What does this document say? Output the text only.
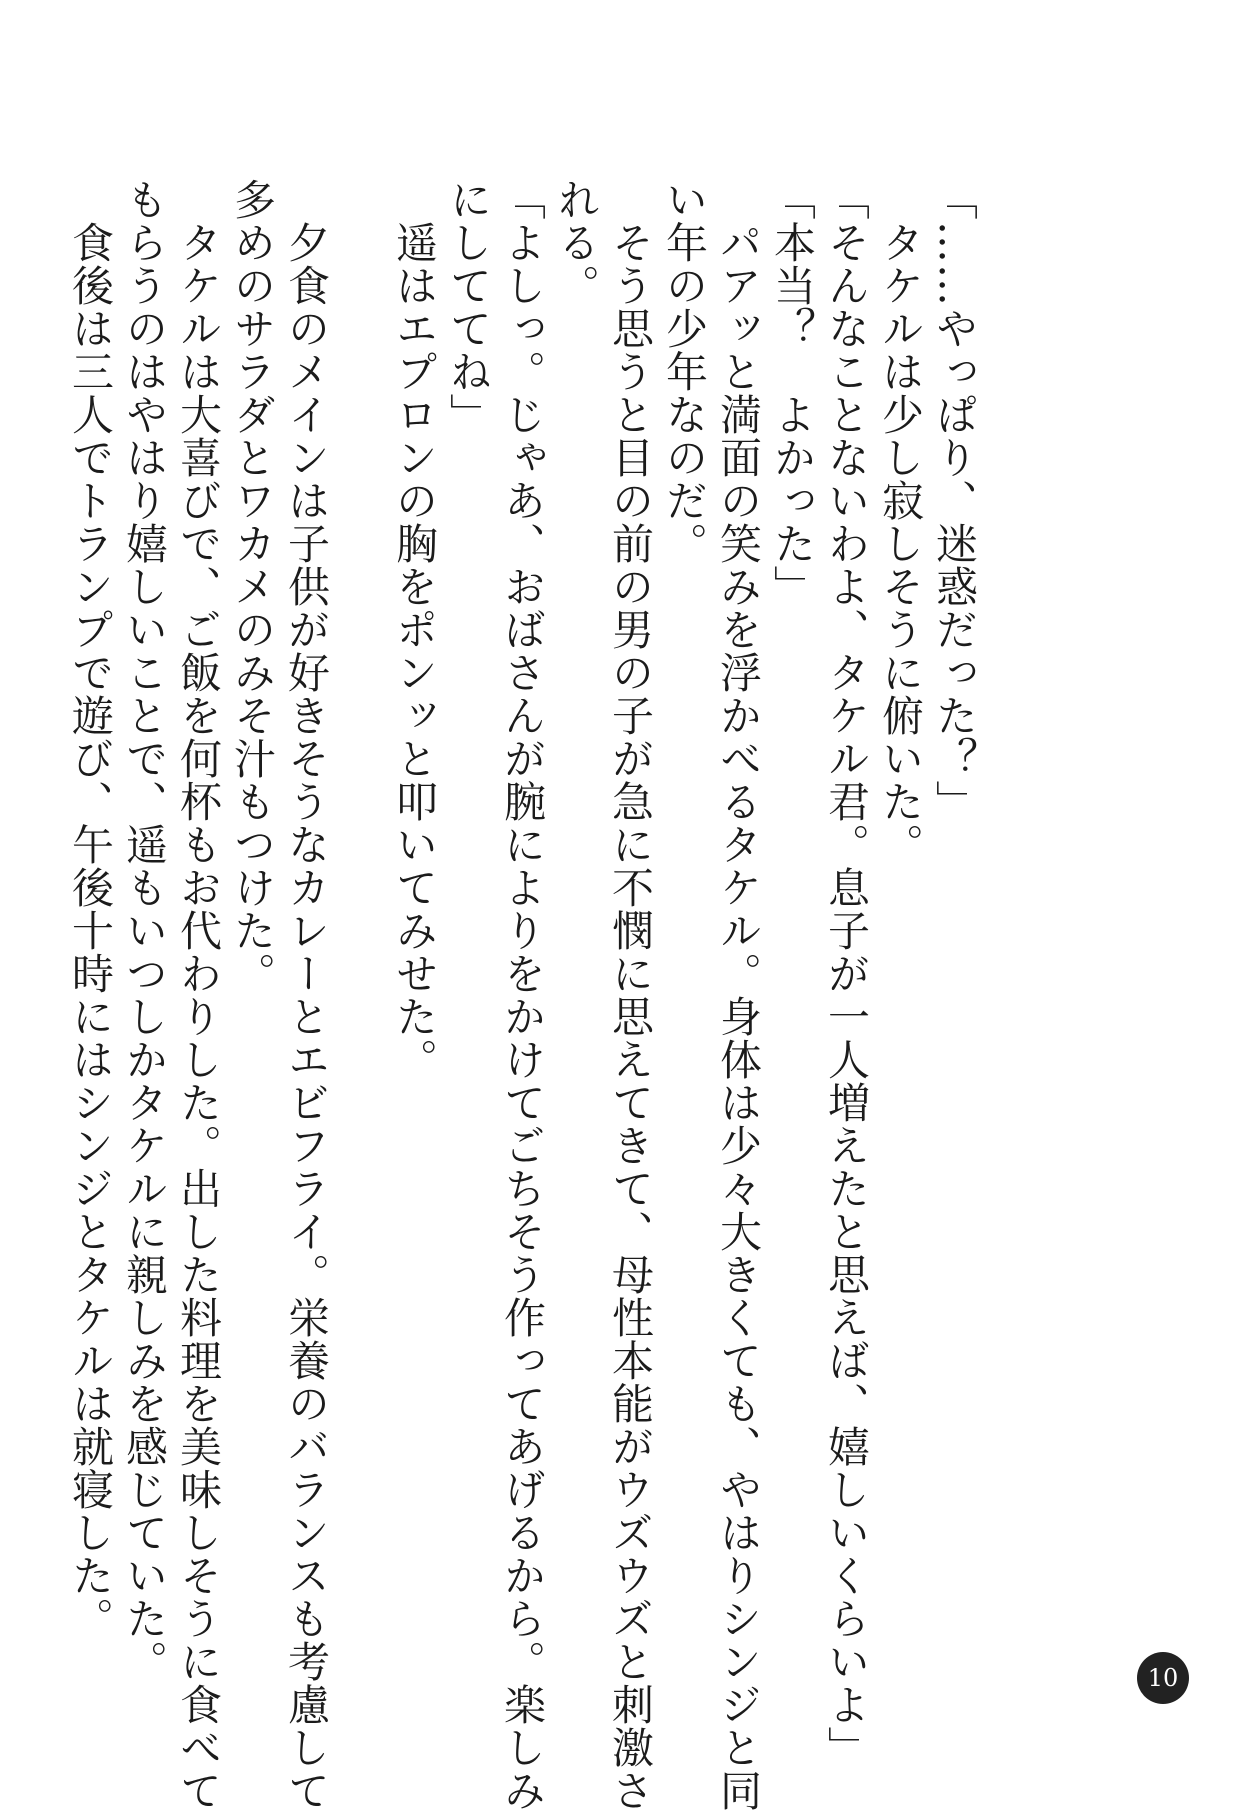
「……やっぱり、迷惑だった？」
　タケルは少し寂しそうに俯いた。
「そんなことないわよ、タケル君。息子が一人増えたと思えば、嬉しいくらいよ」
「本当？　よかった」
　パアッと満面の笑みを浮かべるタケル。身体は少々大きくても、やはりシンジと同
い年の少年なのだ。
　そう思うと目の前の男の子が急に不憫に思えてきて、母性本能がウズウズと刺激さ
れる。
「よしっ。じゃあ、おばさんが腕によりをかけてごちそう作ってあげるから。楽しみ
にしててね」
　遥はエプロンの胸をポンッと叩いてみせた。
　夕食のメインは子供が好きそうなカレーとエビフライ。栄養のバランスも考慮して
多めのサラダとワカメのみそ汁もつけた。
　タケルは大喜びで、ご飯を何杯もお代わりした。出した料理を美味しそうに食べて
もらうのはやはり嬉しいことで、遥もいつしかタケルに親しみを感じていた。
　食後は三人でトランプで遊び、午後十時にはシンジとタケルは就寝した。
10
